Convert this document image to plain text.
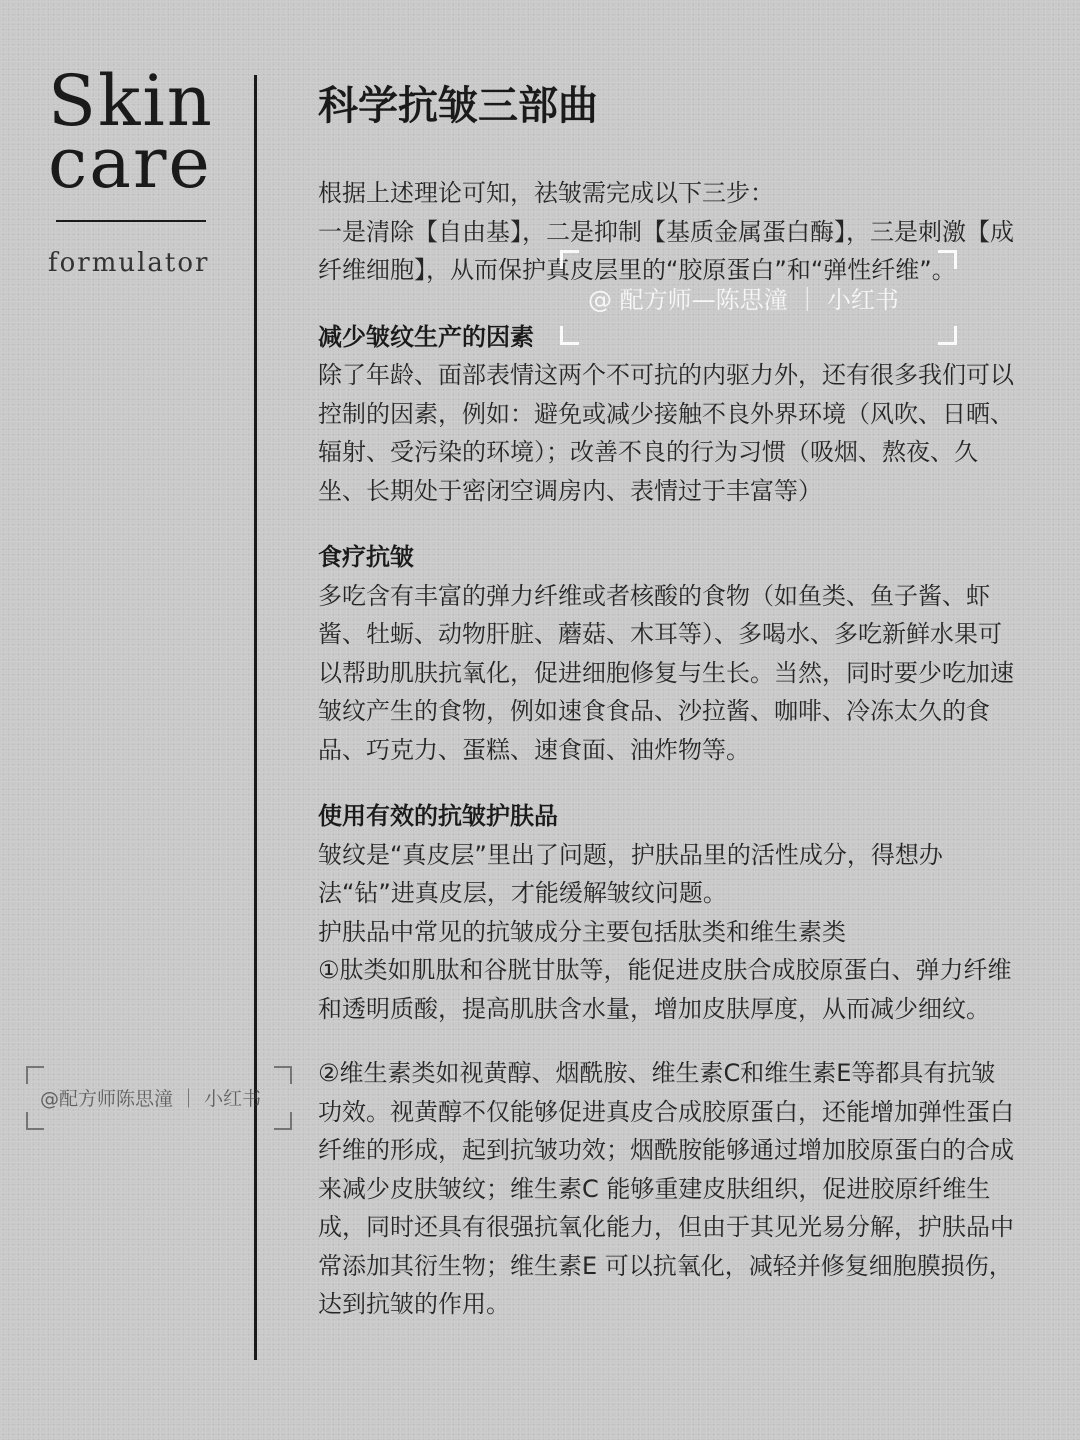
Skin
care
formulator
科学抗皱三部曲

根据上述理论可知，祛皱需完成以下三步：

一是清除【自由基】，二是抑制【基质金属蛋白酶】，三是刺激【成纤维细胞】，从而保护真皮层里的“胶原蛋白”和“弹性纤维”。

减少皱纹生产的因素

除了年龄、面部表情这两个不可抗的内驱力外，还有很多我们可以控制的因素，例如：避免或减少接触不良外界环境（风吹、日晒、辐射、受污染的环境）；改善不良的行为习惯（吸烟、熬夜、久坐、长期处于密闭空调房内、表情过于丰富等）

食疗抗皱

多吃含有丰富的弹力纤维或者核酸的食物（如鱼类、鱼子酱、虾酱、牡蛎、动物肝脏、蘑菇、木耳等）、多喝水、多吃新鲜水果可以帮助肌肤抗氧化，促进细胞修复与生长。当然，同时要少吃加速皱纹产生的食物，例如速食食品、沙拉酱、咖啡、冷冻太久的食品、巧克力、蛋糕、速食面、油炸物等。

使用有效的抗皱护肤品

皱纹是“真皮层”里出了问题，护肤品里的活性成分，得想办法“钻”进真皮层，才能缓解皱纹问题。

护肤品中常见的抗皱成分主要包括肽类和维生素类

①肽类如肌肽和谷胱甘肽等，能促进皮肤合成胶原蛋白、弹力纤维和透明质酸，提高肌肤含水量，增加皮肤厚度，从而减少细纹。

②维生素类如视黄醇、烟酰胺、维生素C和维生素E等都具有抗皱功效。视黄醇不仅能够促进真皮合成胶原蛋白，还能增加弹性蛋白纤维的形成，起到抗皱功效；烟酰胺能够通过增加胶原蛋白的合成来减少皮肤皱纹；维生素C 能够重建皮肤组织，促进胶原纤维生成，同时还具有很强抗氧化能力，但由于其见光易分解，护肤品中常添加其衍生物；维生素E 可以抗氧化，减轻并修复细胞膜损伤，达到抗皱的作用。

@ 配方师—陈思潼 ｜ 小红书
@配方师陈思潼 ｜ 小红书
